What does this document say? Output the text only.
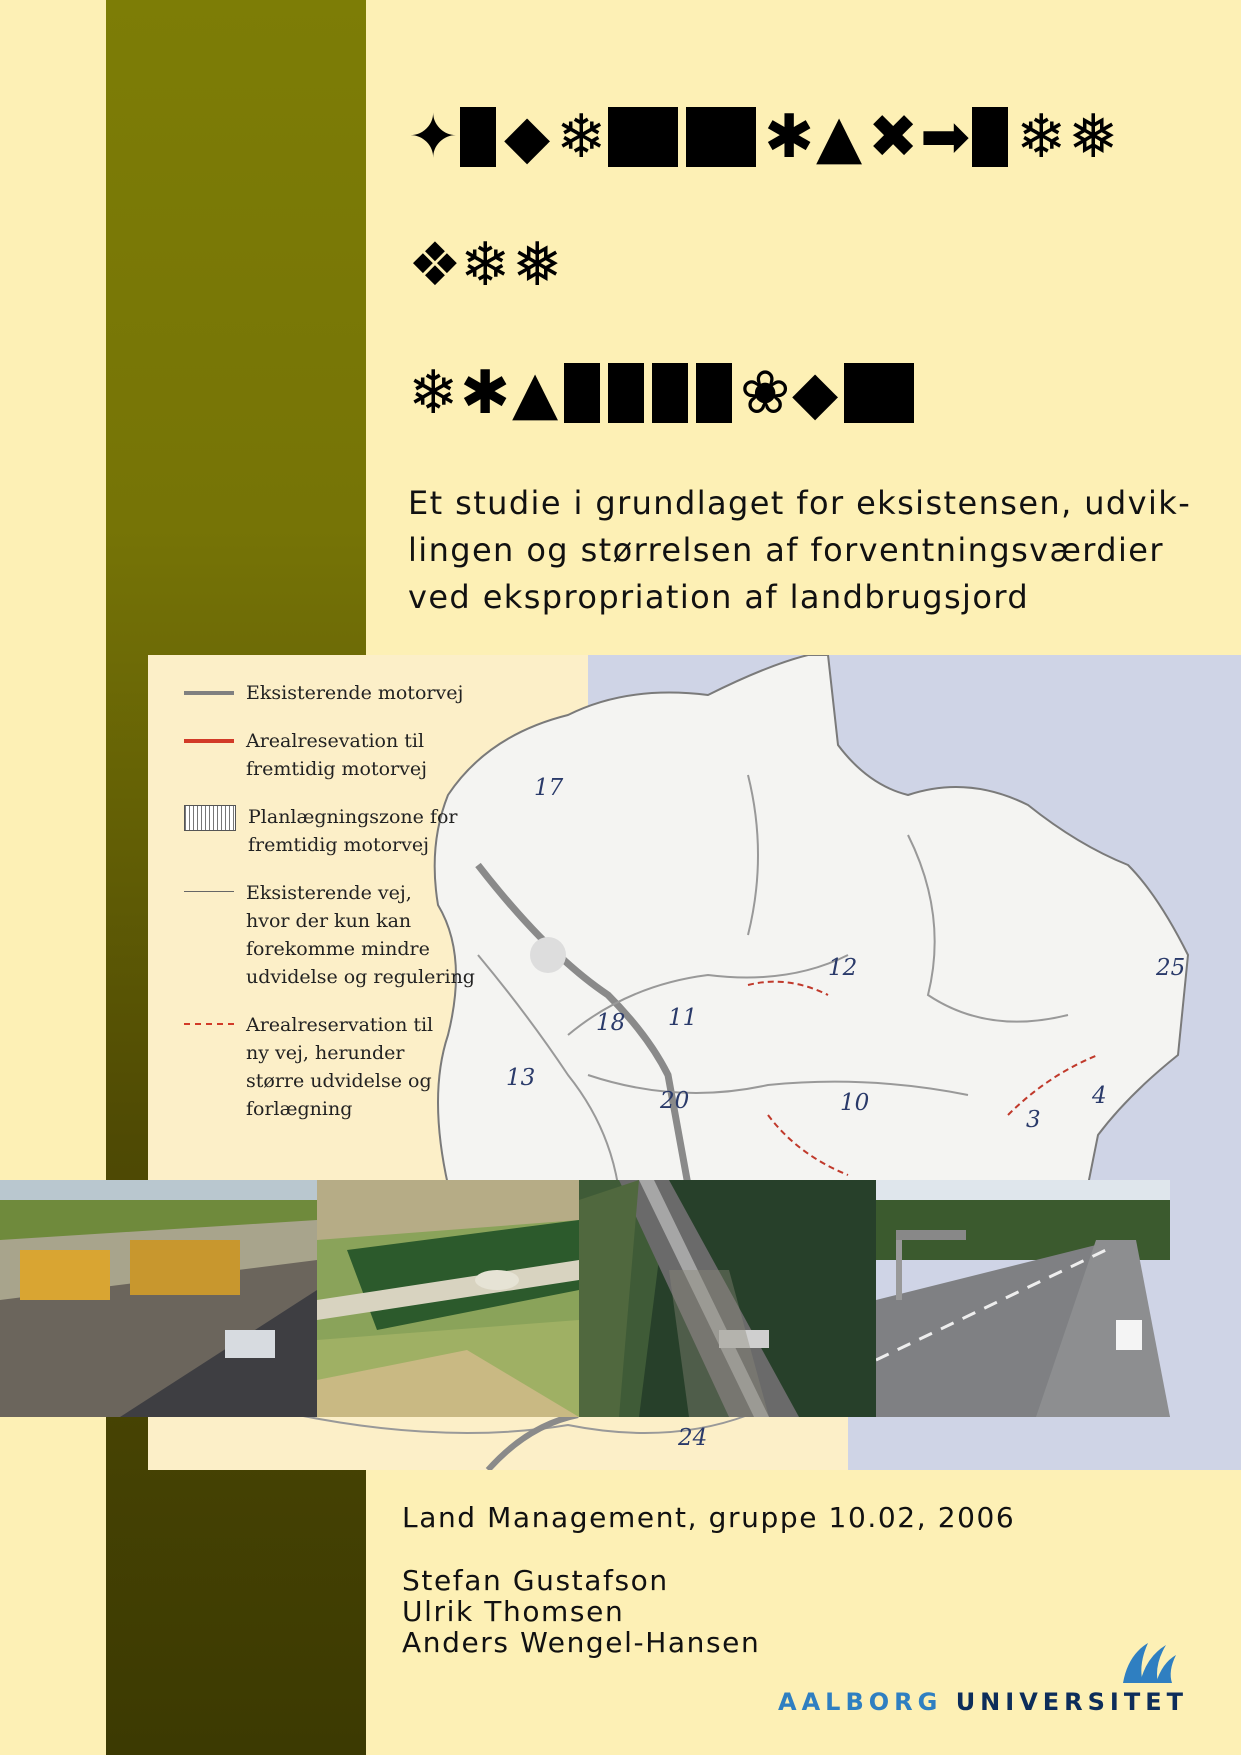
✦ ◆ ❄	✱ ▲ ✖ ➡ ❄ ❅
❖
❄ ❅
❄ ✱ ▲	❀ ◆
Et studie i grundlaget for eksistensen, udvik-
lingen og størrelsen af forventningsværdier
ved ekspropriation af landbrugsjord
Eksisterende motorvej
Arealresevation til
fremtidig motorvej
Planlægningszone for
fremtidig motorvej
Eksisterende vej,
hvor der kun kan
forekomme mindre
udvidelse og regulering
Arealreservation til
ny vej, herunder
større udvidelse og
forlægning
17
12	25
18 11
13
20	10	4
3
24
Land Management, gruppe 10.02, 2006
Stefan Gustafson
Ulrik Thomsen
Anders Wengel-Hansen
AALBORG UNIVERSITET
